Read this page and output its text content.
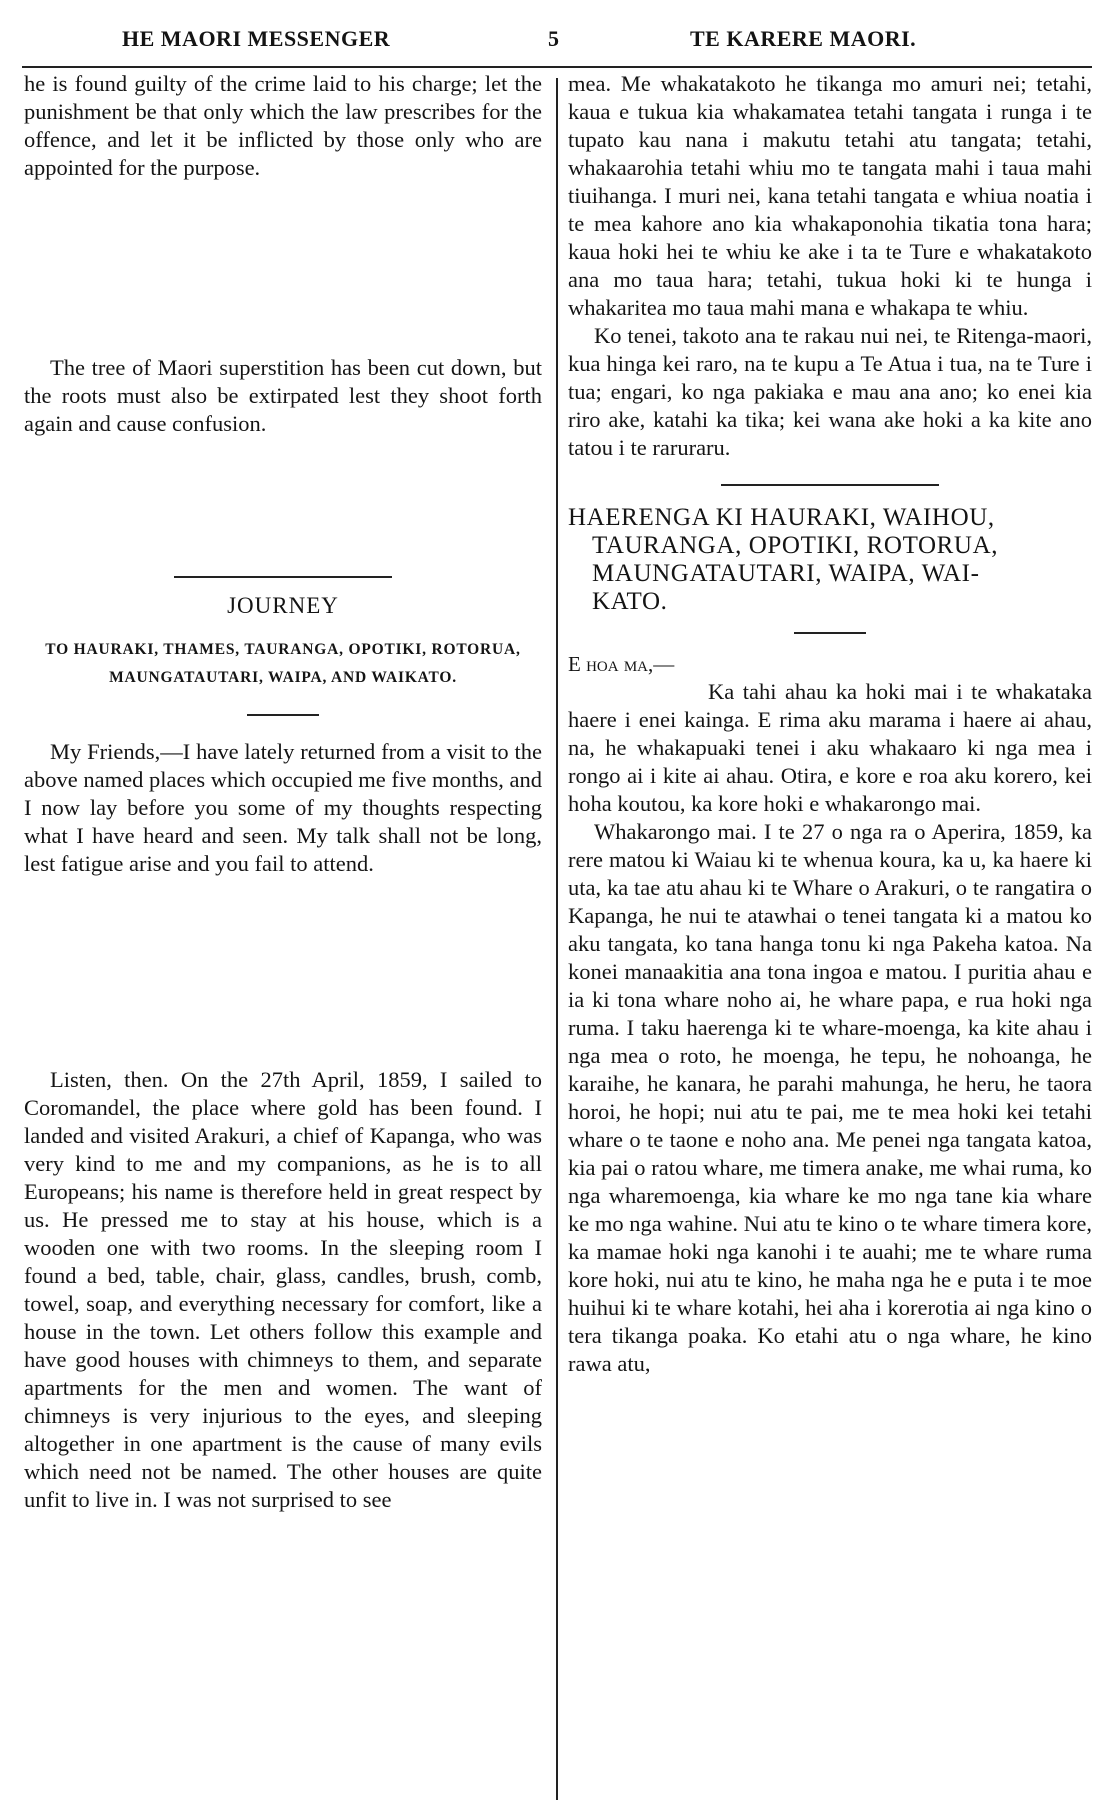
HE MAORI MESSENGER	5	TE KARERE MAORI.

he is found guilty of the crime laid to his charge; let the punishment be that only which the law prescribes for the offence, and let it be inflicted by those only who are appointed for the purpose.

The tree of Maori superstition has been cut down, but the roots must also be extirpated lest they shoot forth again and cause confusion.

JOURNEY

TO HAURAKI, THAMES, TAURANGA, OPOTIKI, ROTORUA, MAUNGATAUTARI, WAIPA, AND WAIKATO.

My Friends,—I have lately returned from a visit to the above named places which occupied me five months, and I now lay before you some of my thoughts respecting what I have heard and seen. My talk shall not be long, lest fatigue arise and you fail to attend.

Listen, then. On the 27th April, 1859, I sailed to Coromandel, the place where gold has been found. I landed and visited Arakuri, a chief of Kapanga, who was very kind to me and my companions, as he is to all Europeans; his name is therefore held in great respect by us. He pressed me to stay at his house, which is a wooden one with two rooms. In the sleeping room I found a bed, table, chair, glass, candles, brush, comb, towel, soap, and everything necessary for comfort, like a house in the town. Let others follow this example and have good houses with chimneys to them, and separate apartments for the men and women. The want of chimneys is very injurious to the eyes, and sleeping altogether in one apartment is the cause of many evils which need not be named. The other houses are quite unfit to live in. I was not surprised to see

mea. Me whakatakoto he tikanga mo amuri nei; tetahi, kaua e tukua kia whakamatea tetahi tangata i runga i te tupato kau nana i makutu tetahi atu tangata; tetahi, whakaarohia tetahi whiu mo te tangata mahi i taua mahi tiuihanga. I muri nei, kana tetahi tangata e whiua noatia i te mea kahore ano kia whakaponohia tikatia tona hara; kaua hoki hei te whiu ke ake i ta te Ture e whakatakoto ana mo taua hara; tetahi, tukua hoki ki te hunga i whakaritea mo taua mahi mana e whakapa te whiu.

Ko tenei, takoto ana te rakau nui nei, te Ritenga-maori, kua hinga kei raro, na te kupu a Te Atua i tua, na te Ture i tua; engari, ko nga pakiaka e mau ana ano; ko enei kia riro ake, katahi ka tika; kei wana ake hoki a ka kite ano tatou i te raruraru.

HAERENGA KI HAURAKI, WAIHOU,
TAURANGA, OPOTIKI, ROTORUA,
MAUNGATAUTARI, WAIPA, WAI-
KATO.

E hoa ma,—

Ka tahi ahau ka hoki mai i te whakataka haere i enei kainga. E rima aku marama i haere ai ahau, na, he whakapuaki tenei i aku whakaaro ki nga mea i rongo ai i kite ai ahau. Otira, e kore e roa aku korero, kei hoha koutou, ka kore hoki e whakarongo mai.

Whakarongo mai. I te 27 o nga ra o Aperira, 1859, ka rere matou ki Waiau ki te whenua koura, ka u, ka haere ki uta, ka tae atu ahau ki te Whare o Arakuri, o te rangatira o Kapanga, he nui te atawhai o tenei tangata ki a matou ko aku tangata, ko tana hanga tonu ki nga Pakeha katoa. Na konei manaakitia ana tona ingoa e matou. I puritia ahau e ia ki tona whare noho ai, he whare papa, e rua hoki nga ruma. I taku haerenga ki te whare-moenga, ka kite ahau i nga mea o roto, he moenga, he tepu, he nohoanga, he karaihe, he kanara, he parahi mahunga, he heru, he taora horoi, he hopi; nui atu te pai, me te mea hoki kei tetahi whare o te taone e noho ana. Me penei nga tangata katoa, kia pai o ratou whare, me timera anake, me whai ruma, ko nga wharemoenga, kia whare ke mo nga tane kia whare ke mo nga wahine. Nui atu te kino o te whare timera kore, ka mamae hoki nga kanohi i te auahi; me te whare ruma kore hoki, nui atu te kino, he maha nga he e puta i te moe huihui ki te whare kotahi, hei aha i korerotia ai nga kino o tera tikanga poaka. Ko etahi atu o nga whare, he kino rawa atu,
